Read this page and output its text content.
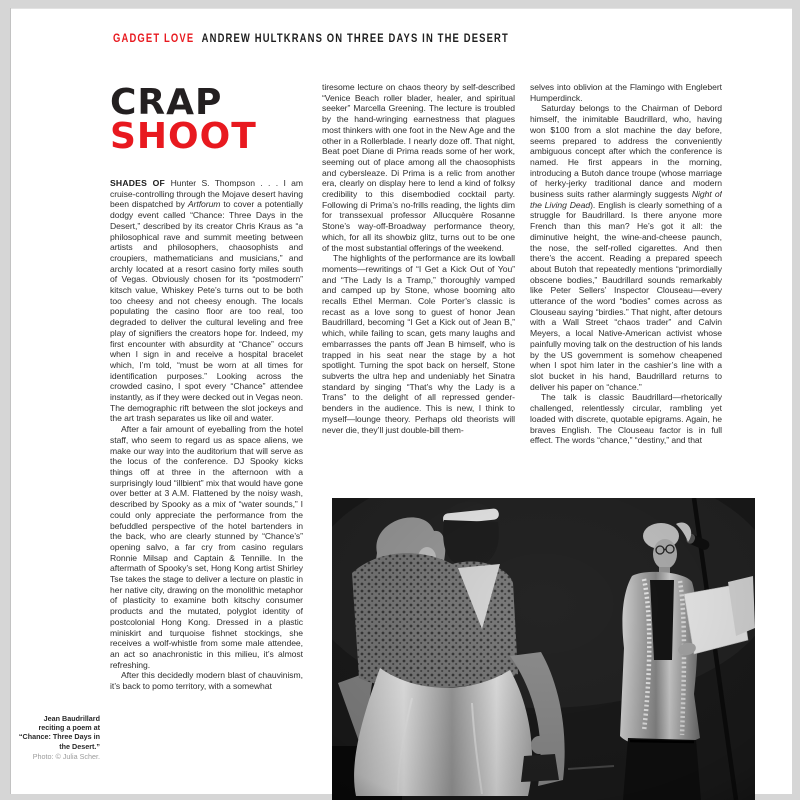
GADGET LOVE ANDREW HULTKRANS ON THREE DAYS IN THE DESERT
CRAP
SHOOT

SHADES OF Hunter S. Thompson . . . I am cruise-controlling through the Mojave desert having been dispatched by Artforum to cover a potentially dodgy event called “Chance: Three Days in the Desert,” described by its creator Chris Kraus as “a philosophical rave and summit meeting between artists and philosophers, chaosophists and croupiers, mathematicians and musicians,” and archly located at a resort casino forty miles south of Vegas. Obviously chosen for its “postmodern” kitsch value, Whiskey Pete’s turns out to be both too cheesy and not cheesy enough. The locals populating the casino floor are too real, too degraded to deliver the cultural leveling and free play of signifiers the creators hope for. Indeed, my first encounter with absurdity at “Chance” occurs when I sign in and receive a hospital bracelet which, I’m told, “must be worn at all times for identification purposes.” Looking across the crowded casino, I spot every “Chance” attendee instantly, as if they were decked out in Vegas neon. The demographic rift between the slot jockeys and the art trash separates us like oil and water.

After a fair amount of eyeballing from the hotel staff, who seem to regard us as space aliens, we make our way into the auditorium that will serve as the locus of the conference. DJ Spooky kicks things off at three in the afternoon with a surprisingly loud “illbient” mix that would have gone over better at 3 A.M. Flattened by the noisy wash, described by Spooky as a mix of “water sounds,” I could only appreciate the performance from the befuddled perspective of the hotel bartenders in the back, who are clearly stunned by “Chance’s” opening salvo, a far cry from casino regulars Ronnie Milsap and Captain & Tennille. In the aftermath of Spooky’s set, Hong Kong artist Shirley Tse takes the stage to deliver a lecture on plastic in her native city, drawing on the monolithic metaphor of plasticity to examine both kitschy consumer products and the mutated, polyglot identity of postcolonial Hong Kong. Dressed in a plastic miniskirt and turquoise fishnet stockings, she receives a wolf-whistle from some male attendee, an act so anachronistic in this milieu, it’s almost refreshing.

After this decidedly modern blast of chauvinism, it’s back to pomo territory, with a somewhat

tiresome lecture on chaos theory by self-described “Venice Beach roller blader, healer, and spiritual seeker” Marcella Greening. The lecture is troubled by the hand-wringing earnestness that plagues most thinkers with one foot in the New Age and the other in a Rollerblade. I nearly doze off. That night, Beat poet Diane di Prima reads some of her work, seeming out of place among all the chaosophists and cybersleaze. Di Prima is a relic from another era, clearly on display here to lend a kind of folksy credibility to this disembodied cocktail party. Following di Prima’s no-frills reading, the lights dim for transsexual professor Allucquère Rosanne Stone’s way-off-Broadway performance theory, which, for all its showbiz glitz, turns out to be one of the most substantial offerings of the weekend.

The highlights of the performance are its lowball moments—rewritings of “I Get a Kick Out of You” and “The Lady Is a Tramp,” thoroughly vamped and camped up by Stone, whose booming alto recalls Ethel Merman. Cole Porter’s classic is recast as a love song to guest of honor Jean Baudrillard, becoming “I Get a Kick out of Jean B,” which, while failing to scan, gets many laughs and embarrasses the pants off Jean B himself, who is trapped in his seat near the stage by a hot spotlight. Turning the spot back on herself, Stone subverts the ultra hep and undeniably het Sinatra standard by singing “That’s why the Lady is a Trans” to the delight of all repressed gender-benders in the audience. This is new, I think to myself—lounge theory. Perhaps old theorists will never die, they’ll just double-bill them-

selves into oblivion at the Flamingo with Englebert Humperdinck.

Saturday belongs to the Chairman of Debord himself, the inimitable Baudrillard, who, having won $100 from a slot machine the day before, seems prepared to address the conveniently ambiguous concept after which the conference is named. He first appears in the morning, introducing a Butoh dance troupe (whose marriage of herky-jerky traditional dance and modern business suits rather alarmingly suggests Night of the Living Dead). English is clearly something of a struggle for Baudrillard. Is there anyone more French than this man? He’s got it all: the diminutive height, the wine-and-cheese paunch, the nose, the self-rolled cigarettes. And then there’s the accent. Reading a prepared speech about Butoh that repeatedly mentions “primordially obscene bodies,” Baudrillard sounds remarkably like Peter Sellers’ Inspector Clouseau—every utterance of the word “bodies” comes across as Clouseau saying “birdies.” That night, after detours with a Wall Street “chaos trader” and Calvin Meyers, a local Native-American activist whose painfully moving talk on the destruction of his lands by the US government is somehow cheapened when I spot him later in the cashier’s line with a slot bucket in his hand, Baudrillard returns to deliver his paper on “chance.”

The talk is classic Baudrillard—rhetorically challenged, relentlessly circular, rambling yet loaded with discrete, quotable epigrams. Again, he braves English. The Clouseau factor is in full effect. The words “chance,” “destiny,” and that

Jean Baudrillard reciting a poem at “Chance: Three Days in the Desert.”
Photo: © Julia Scher.
